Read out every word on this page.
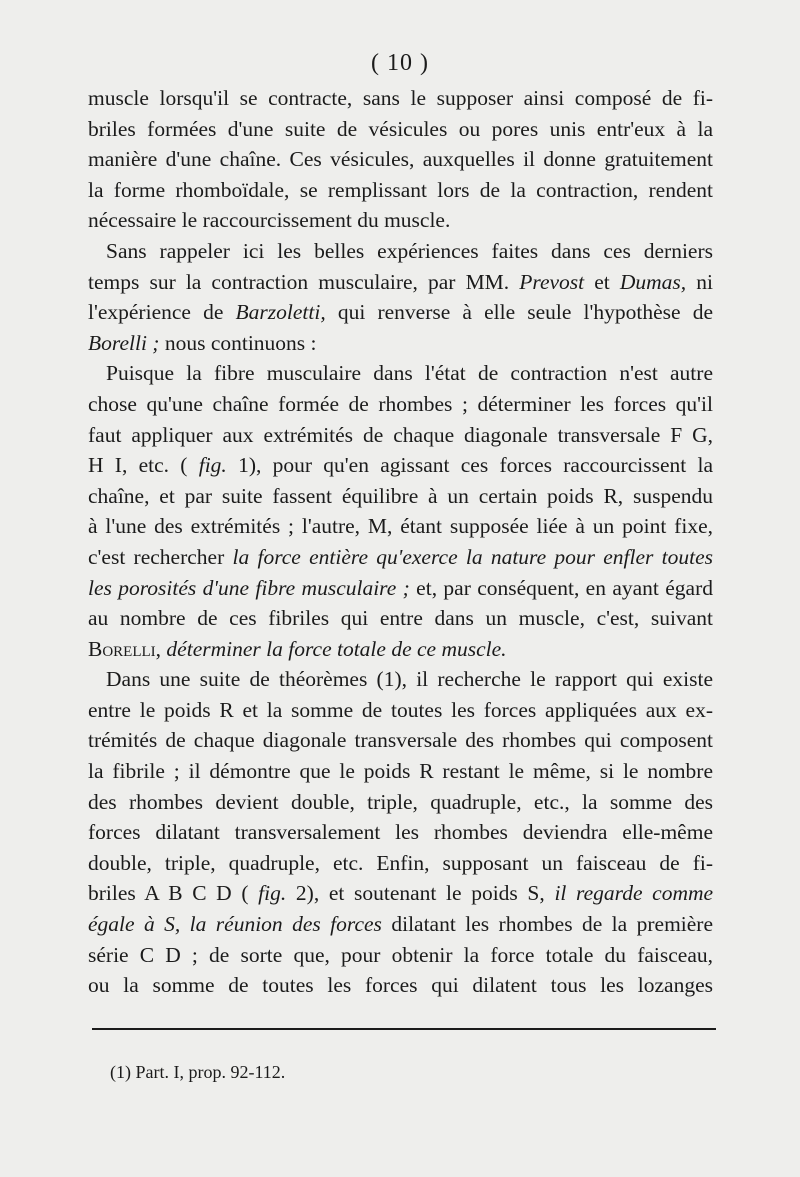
( 10 )
muscle lorsqu'il se contracte, sans le supposer ainsi composé de fi-
briles formées d'une suite de vésicules ou pores unis entr'eux à la
manière d'une chaîne. Ces vésicules, auxquelles il donne gratuitement
la forme rhomboïdale, se remplissant lors de la contraction, rendent
nécessaire le raccourcissement du muscle.
Sans rappeler ici les belles expériences faites dans ces derniers
temps sur la contraction musculaire, par MM. Prevost et Dumas, ni
l'expérience de Barzoletti, qui renverse à elle seule l'hypothèse de
Borelli ; nous continuons :
Puisque la fibre musculaire dans l'état de contraction n'est autre
chose qu'une chaîne formée de rhombes ; déterminer les forces qu'il
faut appliquer aux extrémités de chaque diagonale transversale F G,
H I, etc. ( fig. 1), pour qu'en agissant ces forces raccourcissent la
chaîne, et par suite fassent équilibre à un certain poids R, suspendu
à l'une des extrémités ; l'autre, M, étant supposée liée à un point fixe,
c'est rechercher la force entière qu'exerce la nature pour enfler toutes
les porosités d'une fibre musculaire ; et, par conséquent, en ayant égard
au nombre de ces fibriles qui entre dans un muscle, c'est, suivant
Borelli, déterminer la force totale de ce muscle.
Dans une suite de théorèmes (1), il recherche le rapport qui existe
entre le poids R et la somme de toutes les forces appliquées aux ex-
trémités de chaque diagonale transversale des rhombes qui composent
la fibrile ; il démontre que le poids R restant le même, si le nombre
des rhombes devient double, triple, quadruple, etc., la somme des
forces dilatant transversalement les rhombes deviendra elle-même
double, triple, quadruple, etc. Enfin, supposant un faisceau de fi-
briles A B C D ( fig. 2), et soutenant le poids S, il regarde comme
égale à S, la réunion des forces dilatant les rhombes de la première
série C D ; de sorte que, pour obtenir la force totale du faisceau,
ou la somme de toutes les forces qui dilatent tous les lozanges
(1) Part. I, prop. 92-112.
